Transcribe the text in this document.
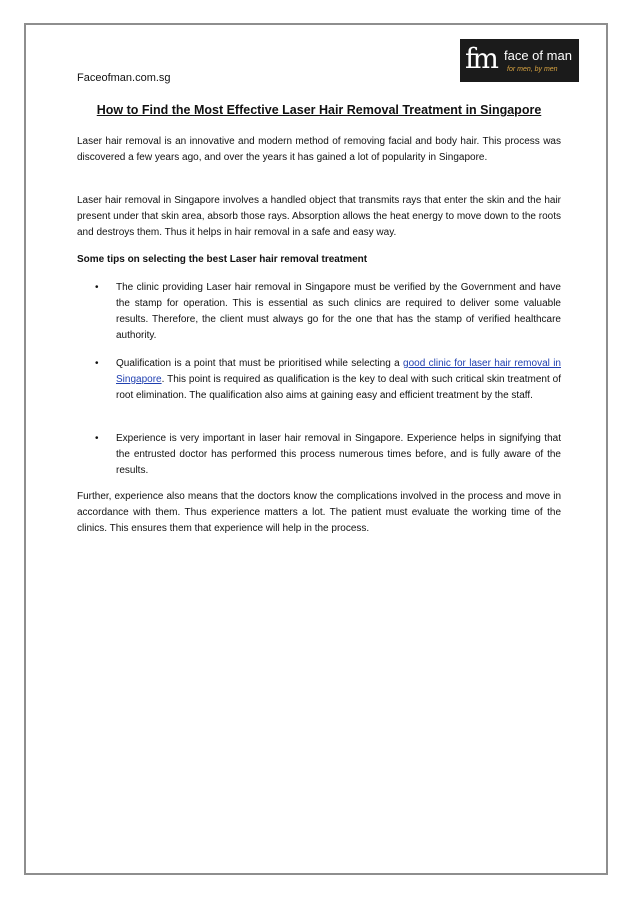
Faceofman.com.sg
fm face of man
for men, by men
How to Find the Most Effective Laser Hair Removal Treatment in Singapore

Laser hair removal is an innovative and modern method of removing facial and body hair. This process was discovered a few years ago, and over the years it has gained a lot of popularity in Singapore.

Laser hair removal in Singapore involves a handled object that transmits rays that enter the skin and the hair present under that skin area, absorb those rays. Absorption allows the heat energy to move down to the roots and destroys them. Thus it helps in hair removal in a safe and easy way.

Some tips on selecting the best Laser hair removal treatment

•	The clinic providing Laser hair removal in Singapore must be verified by the Government and have the stamp for operation. This is essential as such clinics are required to deliver some valuable results. Therefore, the client must always go for the one that has the stamp of verified healthcare authority.
•	Qualification is a point that must be prioritised while selecting a good clinic for laser hair removal in Singapore. This point is required as qualification is the key to deal with such critical skin treatment of root elimination. The qualification also aims at gaining easy and efficient treatment by the staff.
•	Experience is very important in laser hair removal in Singapore. Experience helps in signifying that the entrusted doctor has performed this process numerous times before, and is fully aware of the results.

Further, experience also means that the doctors know the complications involved in the process and move in accordance with them. Thus experience matters a lot. The patient must evaluate the working time of the clinics. This ensures them that experience will help in the process.
